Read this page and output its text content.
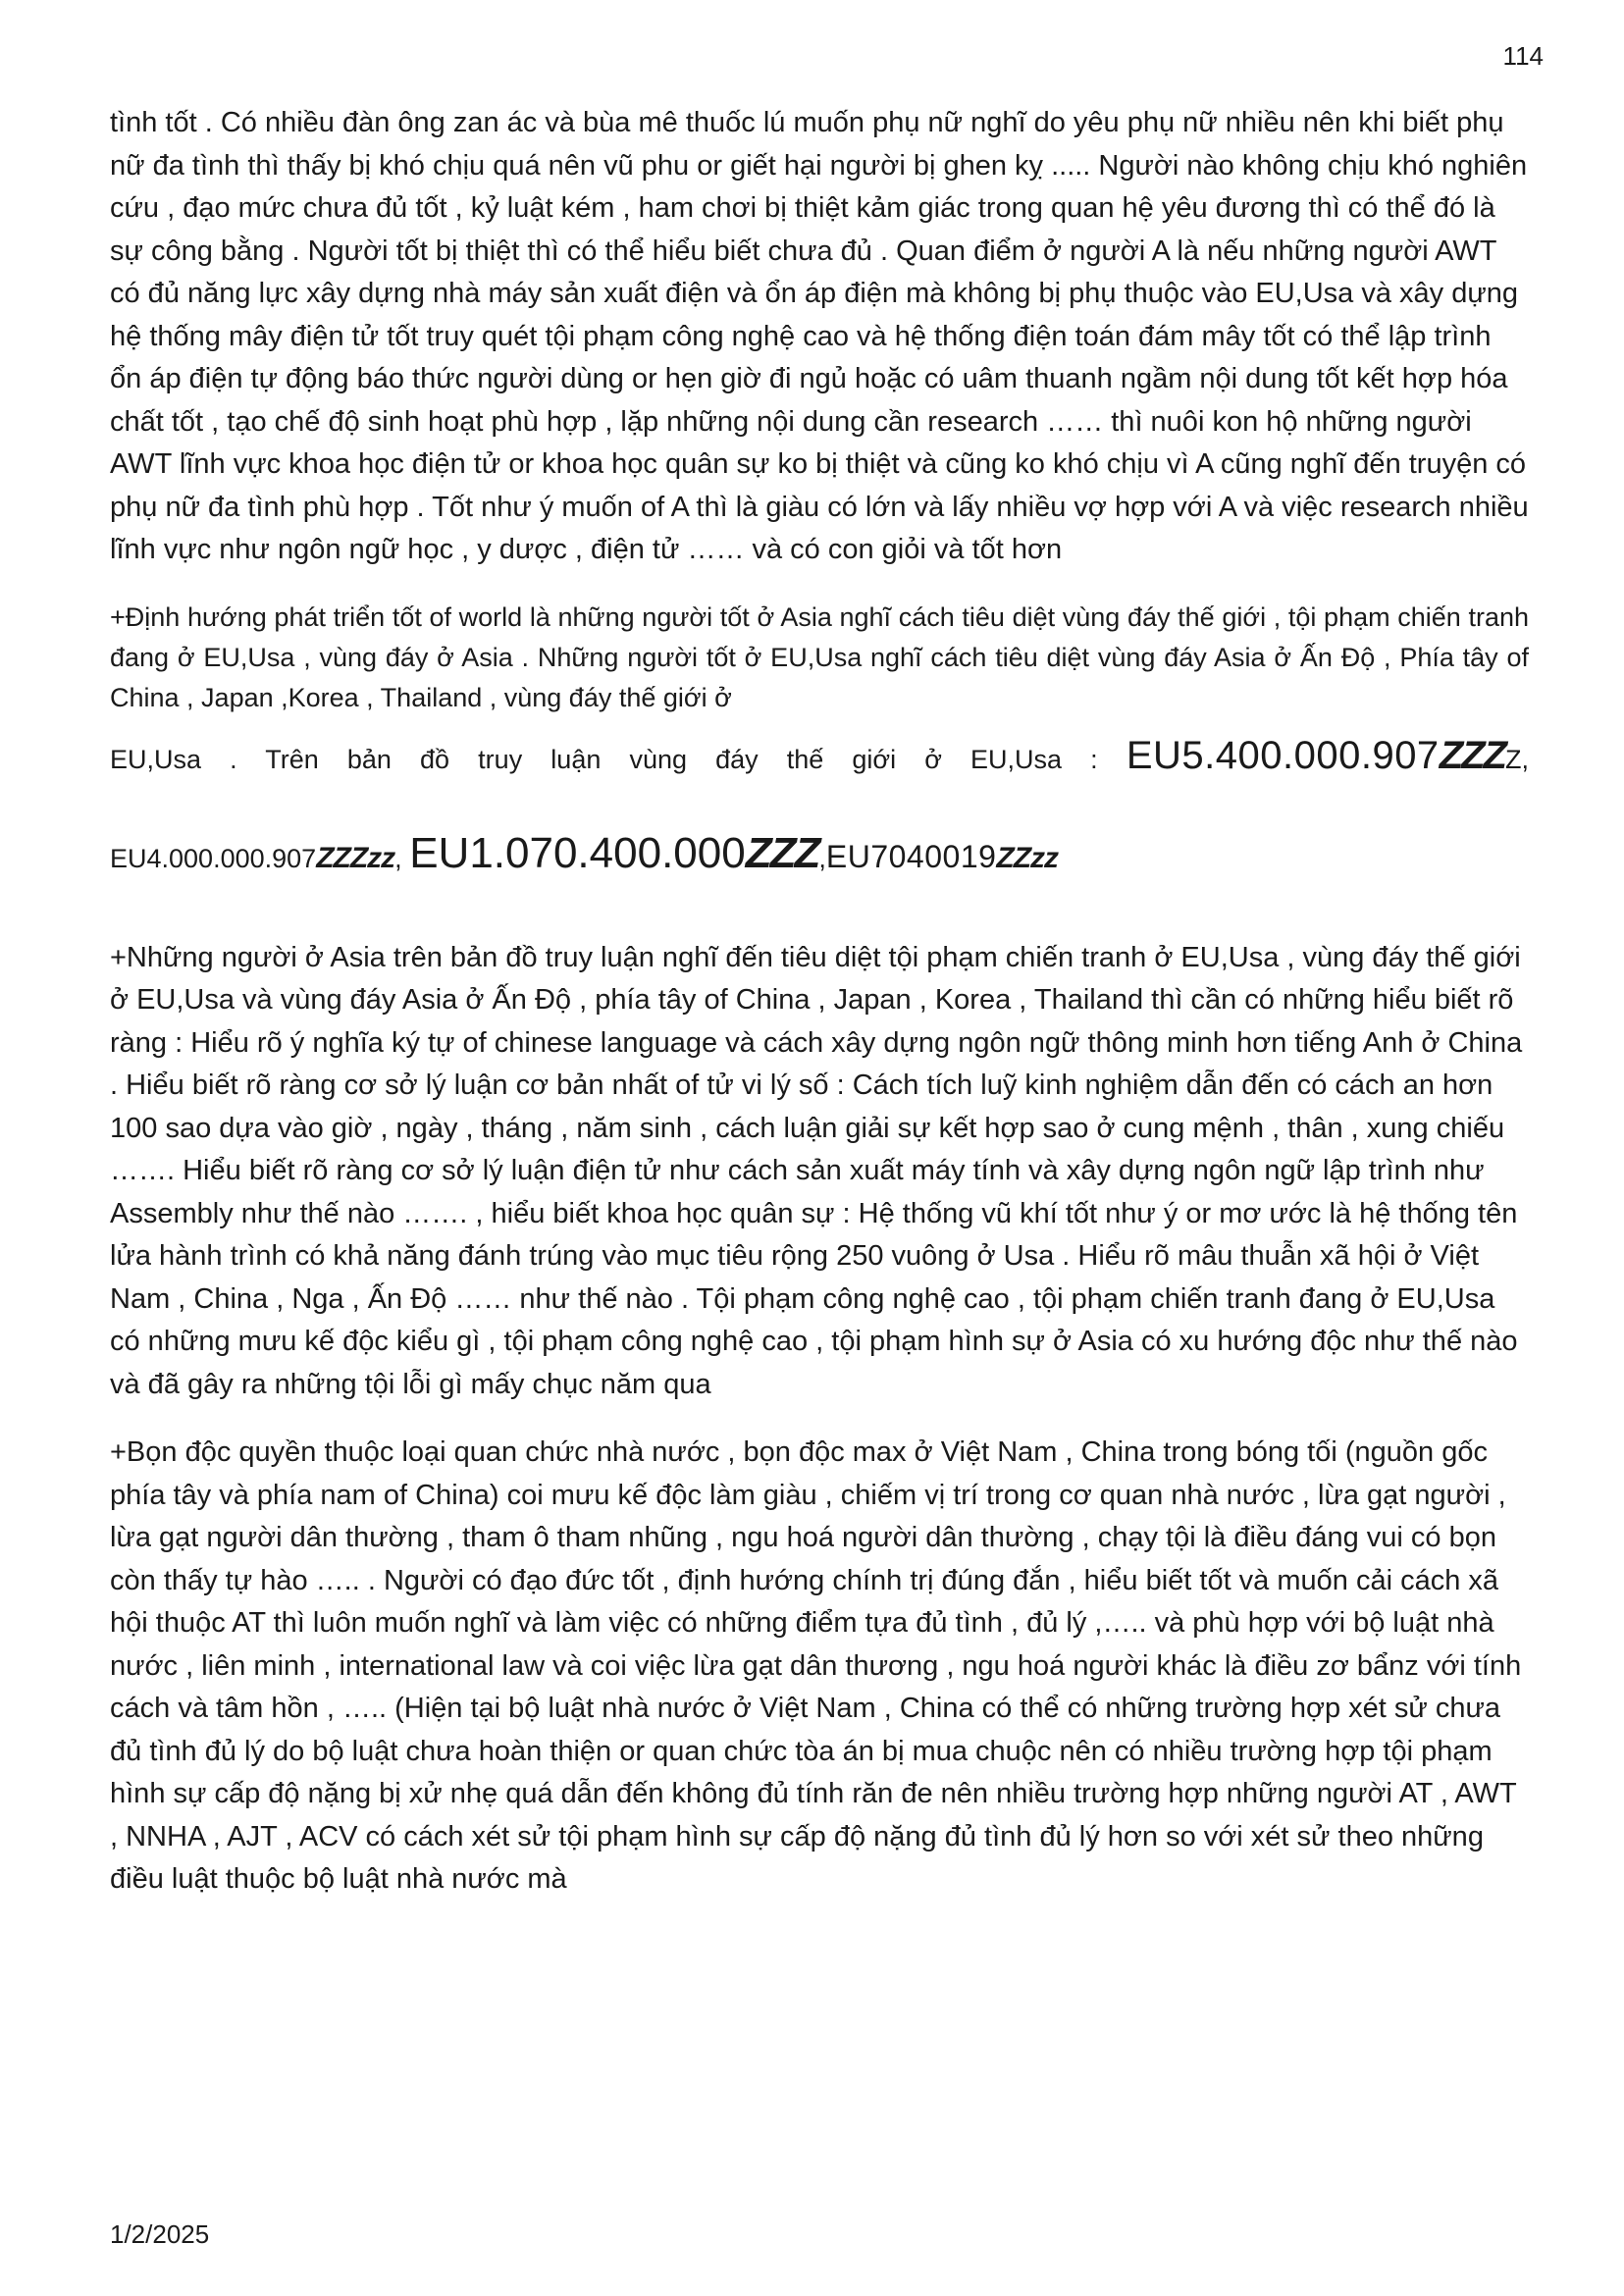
114

tình tốt . Có nhiều đàn ông zan ác và bùa mê thuốc lú muốn phụ nữ nghĩ do yêu phụ nữ nhiều nên khi biết phụ nữ đa tình thì thấy bị khó chịu quá nên vũ phu or giết hại người bị ghen kỵ ..... Người nào không chịu khó nghiên cứu , đạo mức chưa đủ tốt , kỷ luật kém , ham chơi bị thiệt kảm giác trong quan hệ yêu đương thì có thể đó là sự công bằng . Người tốt bị thiệt thì có thể hiểu biết chưa đủ . Quan điểm ở người A là nếu những người AWT có đủ năng lực xây dựng nhà máy sản xuất điện và ổn áp điện mà không bị phụ thuộc vào EU,Usa và xây dựng hệ thống mây điện tử tốt truy quét tội phạm công nghệ cao và hệ thống điện toán đám mây tốt có thể lập trình ổn áp điện tự động báo thức người dùng or hẹn giờ đi ngủ hoặc có uâm thuanh ngầm nội dung tốt kết hợp hóa chất tốt , tạo chế độ sinh hoạt phù hợp , lặp những nội dung cần research …… thì nuôi kon hộ những người AWT lĩnh vực khoa học điện tử or khoa học quân sự ko bị thiệt và cũng ko khó chịu vì A cũng nghĩ đến truyện có phụ nữ đa tình phù hợp . Tốt như ý muốn of A thì là giàu có lớn và lấy nhiều vợ hợp với A và việc research nhiều lĩnh vực như ngôn ngữ học , y dược , điện tử …… và có con giỏi và tốt hơn

+Định hướng phát triển tốt of world là những người tốt ở Asia nghĩ cách tiêu diệt vùng đáy thế giới , tội phạm chiến tranh đang ở EU,Usa , vùng đáy ở Asia . Những người tốt ở EU,Usa nghĩ cách tiêu diệt vùng đáy Asia ở Ấn Độ , Phía tây of China , Japan ,Korea , Thailand , vùng đáy thế giới ở

EU,Usa . Trên bản đồ truy luận vùng đáy thế giới ở EU,Usa : EU5.400.000.907ZZZZ,

EU4.000.000.907ZZZzz, EU1.070.400.000ZZZ,EU7040019ZZzz

+Những người ở Asia trên bản đồ truy luận nghĩ đến tiêu diệt tội phạm chiến tranh ở EU,Usa , vùng đáy thế giới ở EU,Usa và vùng đáy Asia ở Ấn Độ , phía tây of China , Japan , Korea , Thailand thì cần có những hiểu biết rõ ràng : Hiểu rõ ý nghĩa ký tự of chinese language và cách xây dựng ngôn ngữ thông minh hơn tiếng Anh ở China . Hiểu biết rõ ràng cơ sở lý luận cơ bản nhất of tử vi lý số : Cách tích luỹ kinh nghiệm dẫn đến có cách an hơn 100 sao dựa vào giờ , ngày , tháng , năm sinh , cách luận giải sự kết hợp sao ở cung mệnh , thân , xung chiếu ……. Hiểu biết rõ ràng cơ sở lý luận điện tử như cách sản xuất máy tính và xây dựng ngôn ngữ lập trình như Assembly như thế nào ……. , hiểu biết khoa học quân sự : Hệ thống vũ khí tốt như ý or mơ ước là hệ thống tên lửa hành trình có khả năng đánh trúng vào mục tiêu rộng 250 vuông ở Usa . Hiểu rõ mâu thuẫn xã hội ở Việt Nam , China , Nga , Ấn Độ …… như thế nào . Tội phạm công nghệ cao , tội phạm chiến tranh đang ở EU,Usa có những mưu kế độc kiểu gì , tội phạm công nghệ cao , tội phạm hình sự ở Asia có xu hướng độc như thế nào và đã gây ra những tội lỗi gì mấy chục năm qua

+Bọn độc quyền thuộc loại quan chức nhà nước , bọn độc max ở Việt Nam , China trong bóng tối (nguồn gốc phía tây và phía nam of China) coi mưu kế độc làm giàu , chiếm vị trí trong cơ quan nhà nước , lừa gạt người , lừa gạt người dân thường , tham ô tham nhũng , ngu hoá người dân thường , chạy tội là điều đáng vui có bọn còn thấy tự hào ….. . Người có đạo đức tốt , định hướng chính trị đúng đắn , hiểu biết tốt và muốn cải cách xã hội thuộc AT thì luôn muốn nghĩ và làm việc có những điểm tựa đủ tình , đủ lý ,….. và phù hợp với bộ luật nhà nước , liên minh , international law và coi việc lừa gạt dân thương , ngu hoá người khác là điều zơ bẩnz với tính cách và tâm hồn , ….. (Hiện tại bộ luật nhà nước ở Việt Nam , China có thể có những trường hợp xét sử chưa đủ tình đủ lý do bộ luật chưa hoàn thiện or quan chức tòa án bị mua chuộc nên có nhiều trường hợp tội phạm hình sự cấp độ nặng bị xử nhẹ quá dẫn đến không đủ tính răn đe nên nhiều trường hợp những người AT , AWT , NNHA , AJT , ACV có cách xét sử tội phạm hình sự cấp độ nặng đủ tình đủ lý hơn so với xét sử theo những điều luật thuộc bộ luật nhà nước mà

1/2/2025
